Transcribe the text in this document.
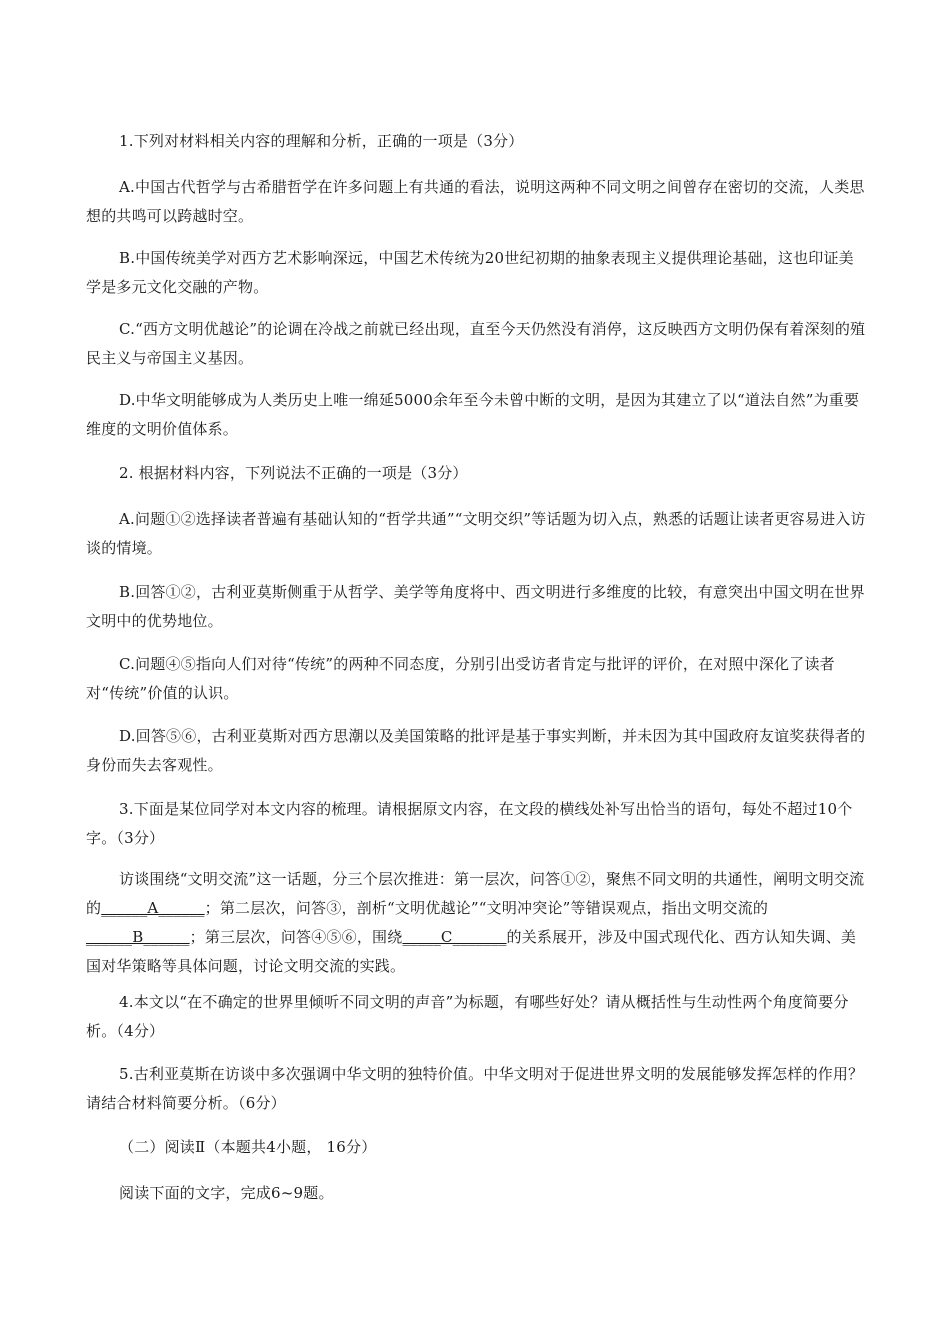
1.下列对材料相关内容的理解和分析，正确的一项是（3分）

A.中国古代哲学与古希腊哲学在许多问题上有共通的看法，说明这两种不同文明之间曾存在密切的交流，人类思想的共鸣可以跨越时空。

B.中国传统美学对西方艺术影响深远，中国艺术传统为20世纪初期的抽象表现主义提供理论基础，这也印证美学是多元文化交融的产物。

C.“西方文明优越论”的论调在冷战之前就已经出现，直至今天仍然没有消停，这反映西方文明仍保有着深刻的殖民主义与帝国主义基因。

D.中华文明能够成为人类历史上唯一绵延5000余年至今未曾中断的文明，是因为其建立了以“道法自然”为重要维度的文明价值体系。

2. 根据材料内容，下列说法不正确的一项是（3分）

A.问题①②选择读者普遍有基础认知的“哲学共通”“文明交织”等话题为切入点，熟悉的话题让读者更容易进入访谈的情境。

B.回答①②，古利亚莫斯侧重于从哲学、美学等角度将中、西文明进行多维度的比较，有意突出中国文明在世界文明中的优势地位。

C.问题④⑤指向人们对待“传统”的两种不同态度，分别引出受访者肯定与批评的评价，在对照中深化了读者对“传统”价值的认识。

D.回答⑤⑥，古利亚莫斯对西方思潮以及美国策略的批评是基于事实判断，并未因为其中国政府友谊奖获得者的身份而失去客观性。

3.下面是某位同学对本文内容的梳理。请根据原文内容，在文段的横线处补写出恰当的语句，每处不超过10个字。（3分）

访谈围绕“文明交流”这一话题，分三个层次推进：第一层次，问答①②，聚焦不同文明的共通性，阐明文明交流的______A______；第二层次，问答③，剖析“文明优越论”“文明冲突论”等错误观点，指出文明交流的______B______；第三层次，问答④⑤⑥，围绕_____C_______的关系展开，涉及中国式现代化、西方认知失调、美国对华策略等具体问题，讨论文明交流的实践。

4.本文以“在不确定的世界里倾听不同文明的声音”为标题，有哪些好处？请从概括性与生动性两个角度简要分析。（4分）

5.古利亚莫斯在访谈中多次强调中华文明的独特价值。中华文明对于促进世界文明的发展能够发挥怎样的作用？请结合材料简要分析。（6分）

（二）阅读Ⅱ（本题共4小题， 16分）

阅读下面的文字，完成6~9题。
